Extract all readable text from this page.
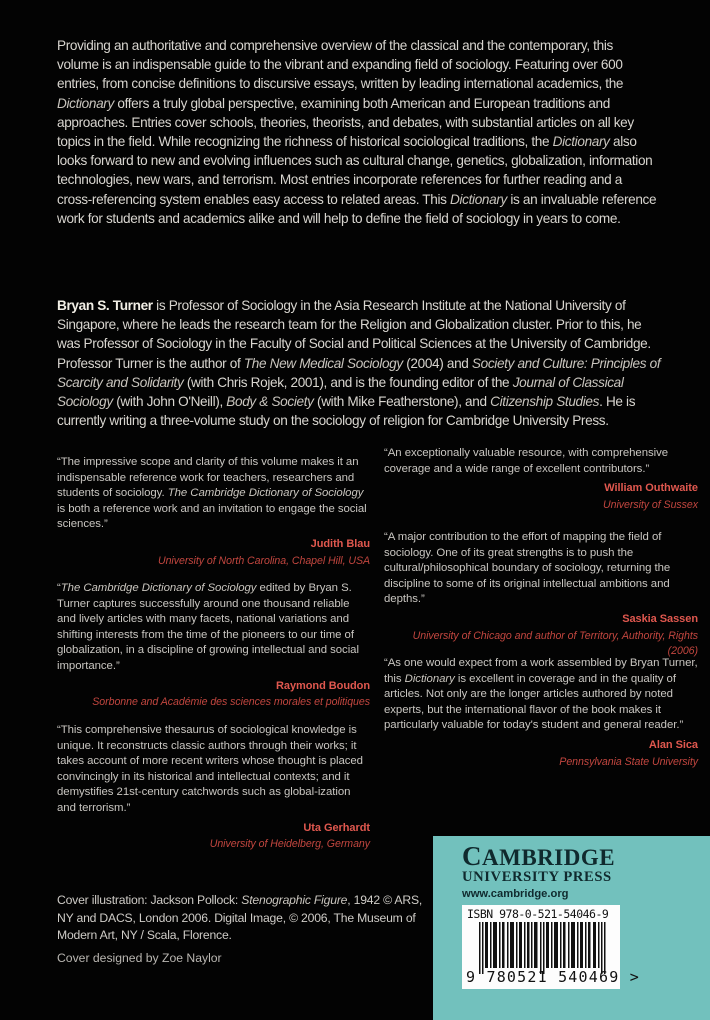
Providing an authoritative and comprehensive overview of the classical and the contemporary, this volume is an indispensable guide to the vibrant and expanding field of sociology. Featuring over 600 entries, from concise definitions to discursive essays, written by leading international academics, the Dictionary offers a truly global perspective, examining both American and European traditions and approaches. Entries cover schools, theories, theorists, and debates, with substantial articles on all key topics in the field. While recognizing the richness of historical sociological traditions, the Dictionary also looks forward to new and evolving influences such as cultural change, genetics, globalization, information technologies, new wars, and terrorism. Most entries incorporate references for further reading and a cross-referencing system enables easy access to related areas. This Dictionary is an invaluable reference work for students and academics alike and will help to define the field of sociology in years to come.
Bryan S. Turner is Professor of Sociology in the Asia Research Institute at the National University of Singapore, where he leads the research team for the Religion and Globalization cluster. Prior to this, he was Professor of Sociology in the Faculty of Social and Political Sciences at the University of Cambridge. Professor Turner is the author of The New Medical Sociology (2004) and Society and Culture: Principles of Scarcity and Solidarity (with Chris Rojek, 2001), and is the founding editor of the Journal of Classical Sociology (with John O'Neill), Body & Society (with Mike Featherstone), and Citizenship Studies. He is currently writing a three-volume study on the sociology of religion for Cambridge University Press.
“The impressive scope and clarity of this volume makes it an indispensable reference work for teachers, researchers and students of sociology. The Cambridge Dictionary of Sociology is both a reference work and an invitation to engage the social sciences.”
Judith Blau
University of North Carolina, Chapel Hill, USA
“The Cambridge Dictionary of Sociology edited by Bryan S. Turner captures successfully around one thousand reliable and lively articles with many facets, national variations and shifting interests from the time of the pioneers to our time of globalization, in a discipline of growing intellectual and social importance.”
Raymond Boudon
Sorbonne and Académie des sciences morales et politiques
“This comprehensive thesaurus of sociological knowledge is unique. It reconstructs classic authors through their works; it takes account of more recent writers whose thought is placed convincingly in its historical and intellectual contexts; and it demystifies 21st-century catchwords such as global-ization and terrorism.”
Uta Gerhardt
University of Heidelberg, Germany
“An exceptionally valuable resource, with comprehensive coverage and a wide range of excellent contributors.”
William Outhwaite
University of Sussex
“A major contribution to the effort of mapping the field of sociology. One of its great strengths is to push the cultural/philosophical boundary of sociology, returning the discipline to some of its original intellectual ambitions and depths.”
Saskia Sassen
University of Chicago and author of Territory, Authority, Rights (2006)
“As one would expect from a work assembled by Bryan Turner, this Dictionary is excellent in coverage and in the quality of articles. Not only are the longer articles authored by noted experts, but the international flavor of the book makes it particularly valuable for today's student and general reader.”
Alan Sica
Pennsylvania State University
Cover illustration: Jackson Pollock: Stenographic Figure, 1942 © ARS, NY and DACS, London 2006. Digital Image, © 2006, The Museum of Modern Art, NY / Scala, Florence.
Cover designed by Zoe Naylor
CAMBRIDGE
UNIVERSITY PRESS
www.cambridge.org
ISBN 978-0-521-54046-9
9 780521 540469 >
